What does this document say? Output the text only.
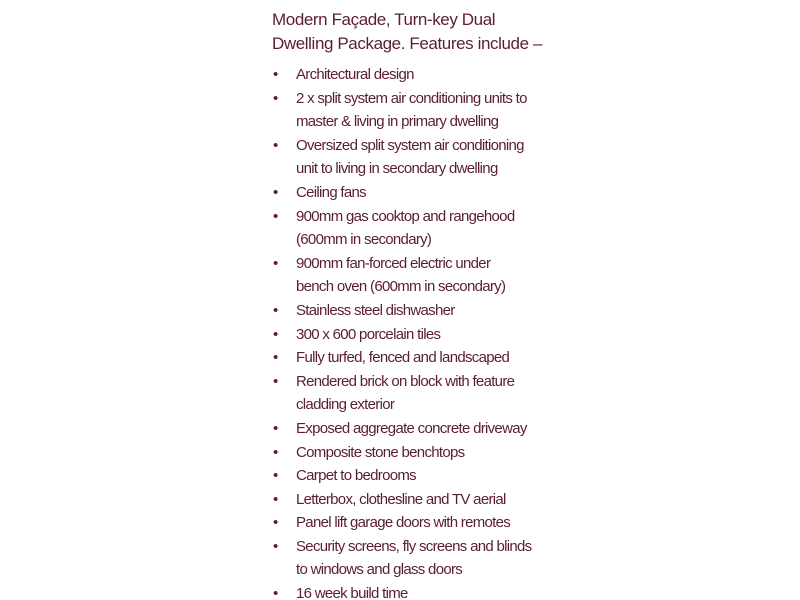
Modern Façade, Turn-key Dual
Dwelling Package. Features include –
• Architectural design
• 2 x split system air conditioning units to
master & living in primary dwelling
• Oversized split system air conditioning
unit to living in secondary dwelling
• Ceiling fans
• 900mm gas cooktop and rangehood
(600mm in secondary)
• 900mm fan-forced electric under
bench oven (600mm in secondary)
• Stainless steel dishwasher
• 300 x 600 porcelain tiles
• Fully turfed, fenced and landscaped
• Rendered brick on block with feature
cladding exterior
• Exposed aggregate concrete driveway
• Composite stone benchtops
• Carpet to bedrooms
• Letterbox, clothesline and TV aerial
• Panel lift garage doors with remotes
• Security screens, fly screens and blinds
to windows and glass doors
• 16 week build time
